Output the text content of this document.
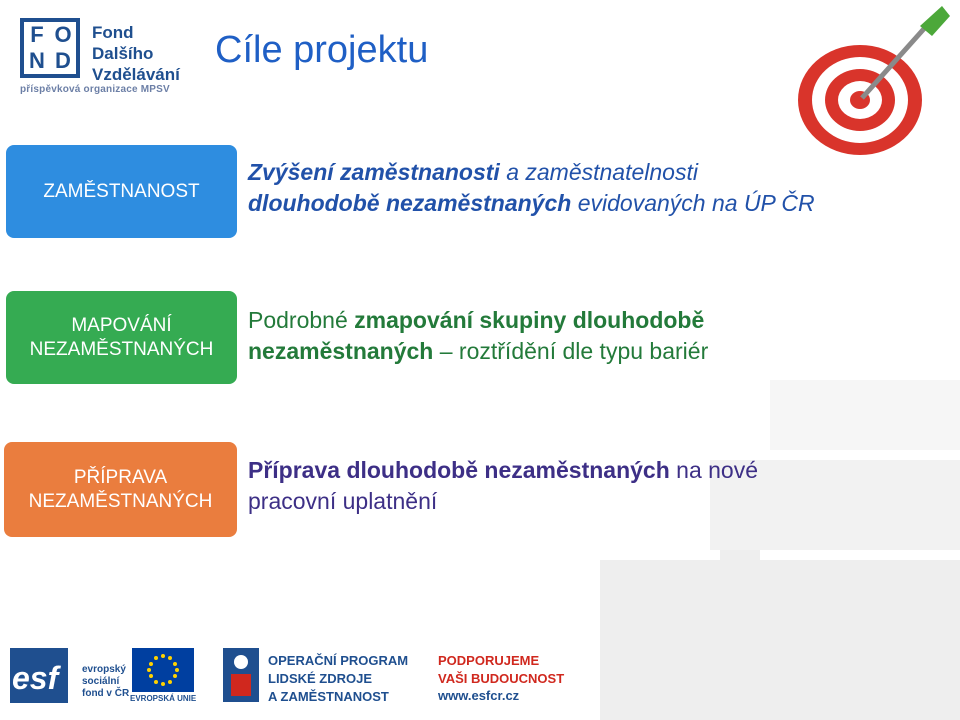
F O
N D
Fond
Dalšího
Vzdělávání
příspěvková organizace MPSV
Cíle projektu
ZAMĚSTNANOST
Zvýšení zaměstnanosti a zaměstnatelnosti
dlouhodobě nezaměstnaných evidovaných na ÚP ČR
MAPOVÁNÍ
NEZAMĚSTNANÝCH
Podrobné zmapování skupiny dlouhodobě
nezaměstnaných – roztřídění dle typu bariér
PŘÍPRAVA
NEZAMĚSTNANÝCH
Příprava dlouhodobě nezaměstnaných na nové
pracovní uplatnění
esf evropský
sociální
fond v ČR EVROPSKÁ UNIE
OPERAČNÍ PROGRAM
LIDSKÉ ZDROJE
A ZAMĚSTNANOST
PODPORUJEME
VAŠI BUDOUCNOST
www.esfcr.cz
